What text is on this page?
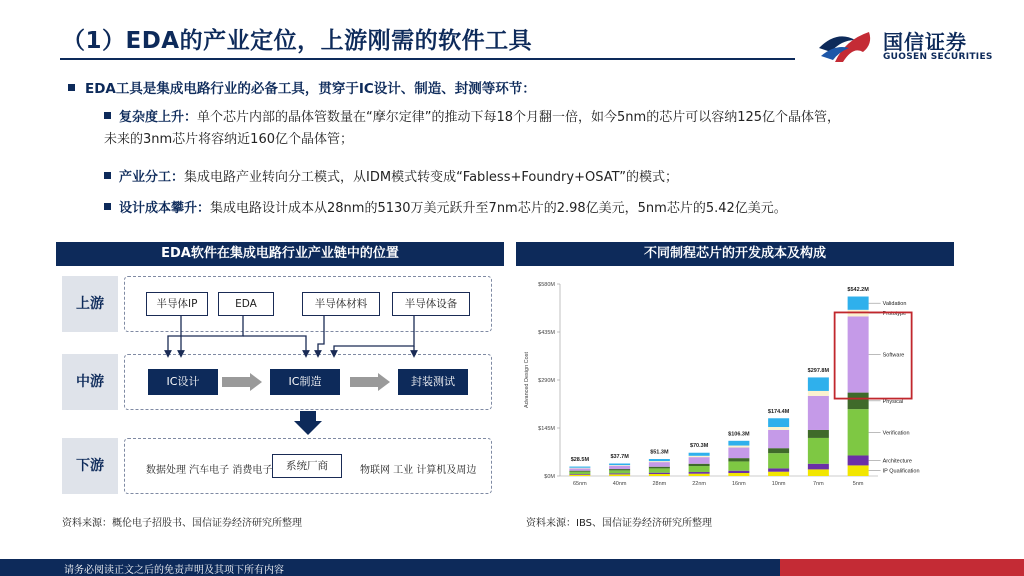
（1）EDA的产业定位，上游刚需的软件工具	国信证券
GUOSEN SECURITIES
EDA工具是集成电路行业的必备工具，贯穿于IC设计、制造、封测等环节：
复杂度上升：单个芯片内部的晶体管数量在“摩尔定律”的推动下每18个月翻一倍，如今5nm的芯片可以容纳125亿个晶体管，
未来的3nm芯片将容纳近160亿个晶体管；
产业分工：集成电路产业转向分工模式，从IDM模式转变成“Fabless+Foundry+OSAT”的模式；
设计成本攀升：集成电路设计成本从28nm的5130万美元跃升至7nm芯片的2.98亿美元，5nm芯片的5.42亿美元。
EDA软件在集成电路行业产业链中的位置
上游
中游
下游
半导体IP	EDA	半导体材料	半导体设备
IC设计	IC制造	封装测试
数据处理 汽车电子 消费电子	系统厂商	物联网 工业 计算机及周边
资料来源：概伦电子招股书、国信证券经济研究所整理
不同制程芯片的开发成本及构成
$0M
$145M
$290M
$435M
$580M
Advanced Design Cost
$28.5M
65nm
$37.7M
40nm
$51.3M
28nm
$70.3M
22nm
$106.3M
16nm
$174.4M
10nm
$297.8M
7nm
$542.2M
5nm
IP Qualification
Architecture
Verification
Physical
Software
Prototype
Validation
资料来源：IBS、国信证券经济研究所整理
请务必阅读正文之后的免责声明及其项下所有内容
